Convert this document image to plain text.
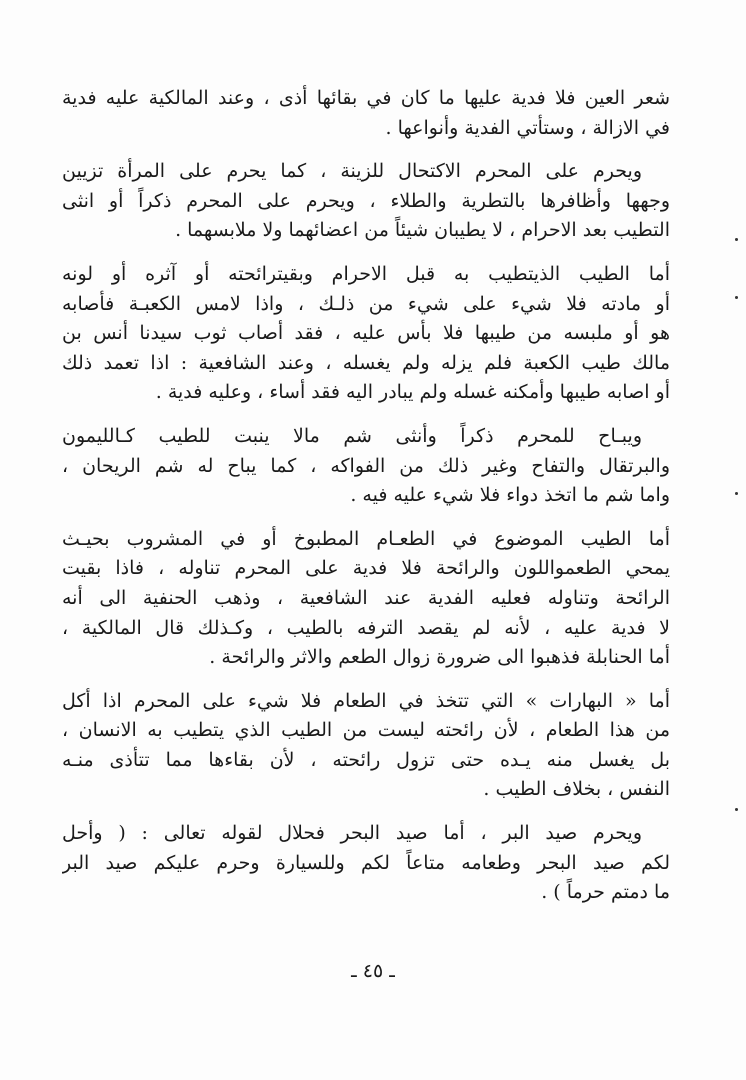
شعر العين فلا فدية عليها ما كان في بقائها أذى ، وعند المالكية عليه فدية
في الازالة ، وستأتي الفدية وأنواعها .
ويحرم على المحرم الاكتحال للزينة ، كما يحرم على المرأة تزيين
وجهها وأظافرها بالتطرية والطلاء ، ويحرم على المحرم ذكراً أو انثى
التطيب بعد الاحرام ، لا يطيبان شيئاً من اعضائهما ولا ملابسهما .
أما الطيب الذيتطيب به قبل الاحرام وبقيترائحته أو آثره أو لونه
أو مادته فلا شيء على شيء من ذلـك ، واذا لامس الكعبـة فأصابه
هو أو ملبسه من طيبها فلا بأس عليه ، فقد أصاب ثوب سيدنا أنس بن
مالك طيب الكعبة فلم يزله ولم يغسله ، وعند الشافعية : اذا تعمد ذلك
أو اصابه طيبها وأمكنه غسله ولم يبادر اليه فقد أساء ، وعليه فدية .
ويبـاح للمحرم ذكراً وأنثى شم مالا ينبت للطيب كـالليمون
والبرتقال والتفاح وغير ذلك من الفواكه ، كما يباح له شم الريحان ،
واما شم ما اتخذ دواء فلا شيء عليه فيه .
أما الطيب الموضوع في الطعـام المطبوخ أو في المشروب بحيـث
يمحي الطعمواللون والرائحة فلا فدية على المحرم تناوله ، فاذا بقيت
الرائحة وتناوله فعليه الفدية عند الشافعية ، وذهب الحنفية الى أنه
لا فدية عليه ، لأنه لم يقصد الترفه بالطيب ، وكـذلك قال المالكية ،
أما الحنابلة فذهبوا الى ضرورة زوال الطعم والاثر والرائحة .
أما « البهارات » التي تتخذ في الطعام فلا شيء على المحرم اذا أكل
من هذا الطعام ، لأن رائحته ليست من الطيب الذي يتطيب به الانسان ،
بل يغسل منه يـده حتى تزول رائحته ، لأن بقاءها مما تتأذى منـه
النفس ، بخلاف الطيب .
ويحرم صيد البر ، أما صيد البحر فحلال لقوله تعالى : ( وأحل
لكم صيد البحر وطعامه متاعاً لكم وللسيارة وحرم عليكم صيد البر
ما دمتم حرماً ) .
ـ ٤٥ ـ
